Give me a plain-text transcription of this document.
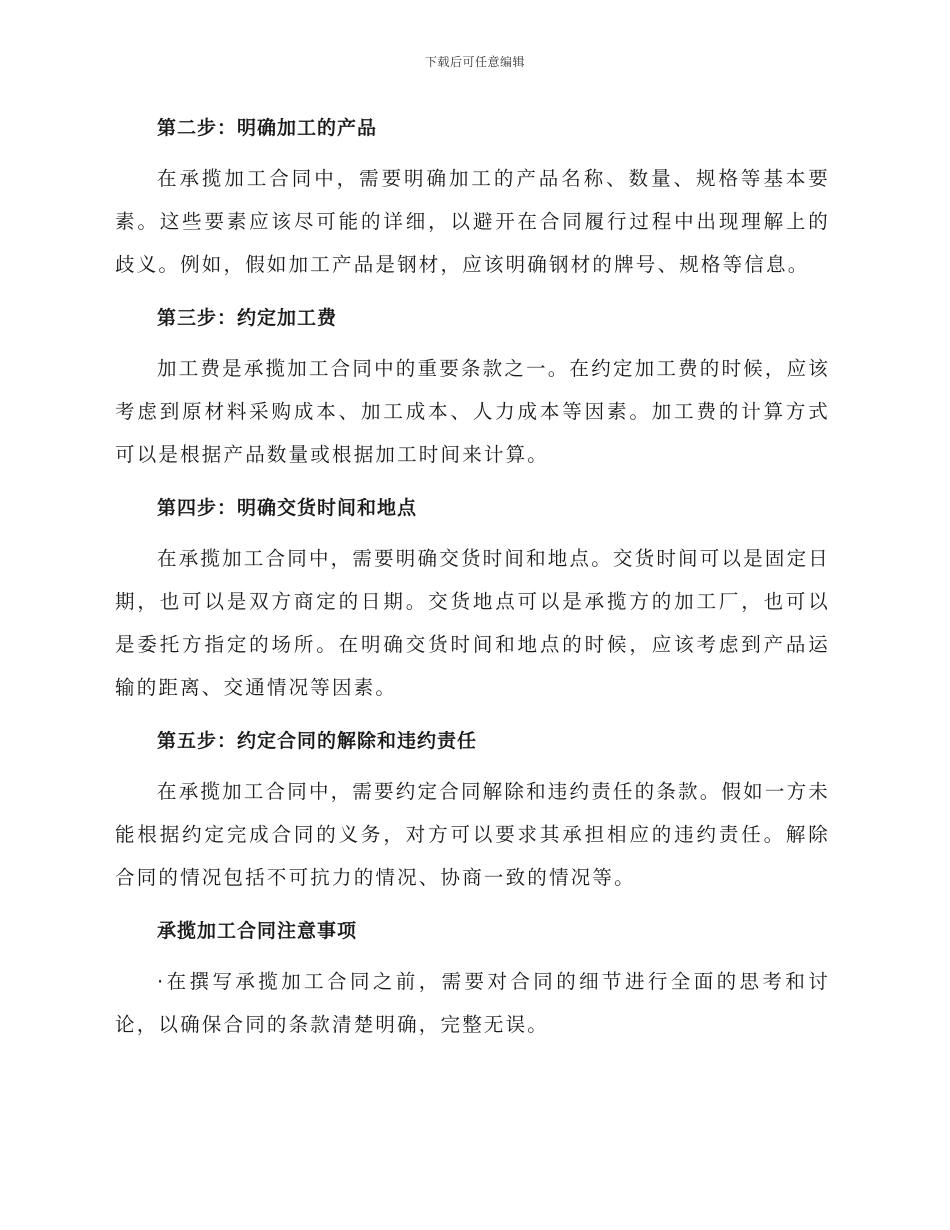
下载后可任意编辑
第二步：明确加工的产品

在承揽加工合同中，需要明确加工的产品名称、数量、规格等基本要素。这些要素应该尽可能的详细，以避开在合同履行过程中出现理解上的歧义。例如，假如加工产品是钢材，应该明确钢材的牌号、规格等信息。

第三步：约定加工费

加工费是承揽加工合同中的重要条款之一。在约定加工费的时候，应该考虑到原材料采购成本、加工成本、人力成本等因素。加工费的计算方式可以是根据产品数量或根据加工时间来计算。

第四步：明确交货时间和地点

在承揽加工合同中，需要明确交货时间和地点。交货时间可以是固定日期，也可以是双方商定的日期。交货地点可以是承揽方的加工厂，也可以是委托方指定的场所。在明确交货时间和地点的时候，应该考虑到产品运输的距离、交通情况等因素。

第五步：约定合同的解除和违约责任

在承揽加工合同中，需要约定合同解除和违约责任的条款。假如一方未能根据约定完成合同的义务，对方可以要求其承担相应的违约责任。解除合同的情况包括不可抗力的情况、协商一致的情况等。

承揽加工合同注意事项

·在撰写承揽加工合同之前，需要对合同的细节进行全面的思考和讨论，以确保合同的条款清楚明确，完整无误。
